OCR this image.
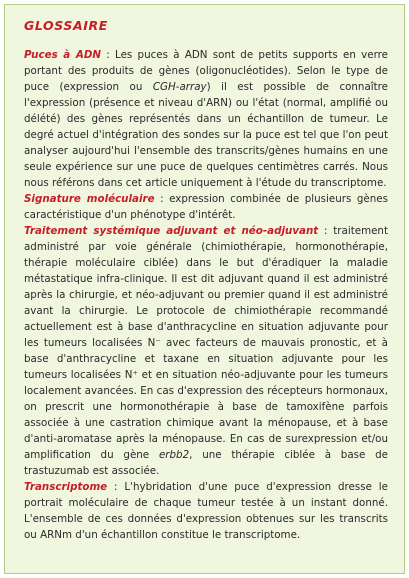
GLOSSAIRE

Puces à ADN : Les puces à ADN sont de petits supports en verre portant des produits de gènes (oligonucléotides). Selon le type de puce (expression ou CGH-array) il est possible de connaître l'expression (présence et niveau d'ARN) ou l'état (normal, amplifié ou délété) des gènes représentés dans un échantillon de tumeur. Le degré actuel d'intégration des sondes sur la puce est tel que l'on peut analyser aujourd'hui l'ensemble des transcrits/gènes humains en une seule expérience sur une puce de quelques centimètres carrés. Nous nous référons dans cet article uniquement à l'étude du transcriptome.

Signature moléculaire : expression combinée de plusieurs gènes caractéristique d'un phénotype d'intérêt.

Traitement systémique adjuvant et néo-adjuvant : traitement administré par voie générale (chimiothérapie, hormonothérapie, thérapie moléculaire ciblée) dans le but d'éradiquer la maladie métastatique infra-clinique. Il est dit adjuvant quand il est administré après la chirurgie, et néo-adjuvant ou premier quand il est administré avant la chirurgie. Le protocole de chimiothérapie recommandé actuellement est à base d'anthracycline en situation adjuvante pour les tumeurs localisées N⁻ avec facteurs de mauvais pronostic, et à base d'anthracycline et taxane en situation adjuvante pour les tumeurs localisées N⁺ et en situation néo-adjuvante pour les tumeurs localement avancées. En cas d'expression des récepteurs hormonaux, on prescrit une hormonothérapie à base de tamoxifène parfois associée à une castration chimique avant la ménopause, et à base d'anti-aromatase après la ménopause. En cas de surexpression et/ou amplification du gène erbb2, une thérapie ciblée à base de trastuzumab est associée.

Transcriptome : L'hybridation d'une puce d'expression dresse le portrait moléculaire de chaque tumeur testée à un instant donné. L'ensemble de ces données d'expression obtenues sur les transcrits ou ARNm d'un échantillon constitue le transcriptome.
